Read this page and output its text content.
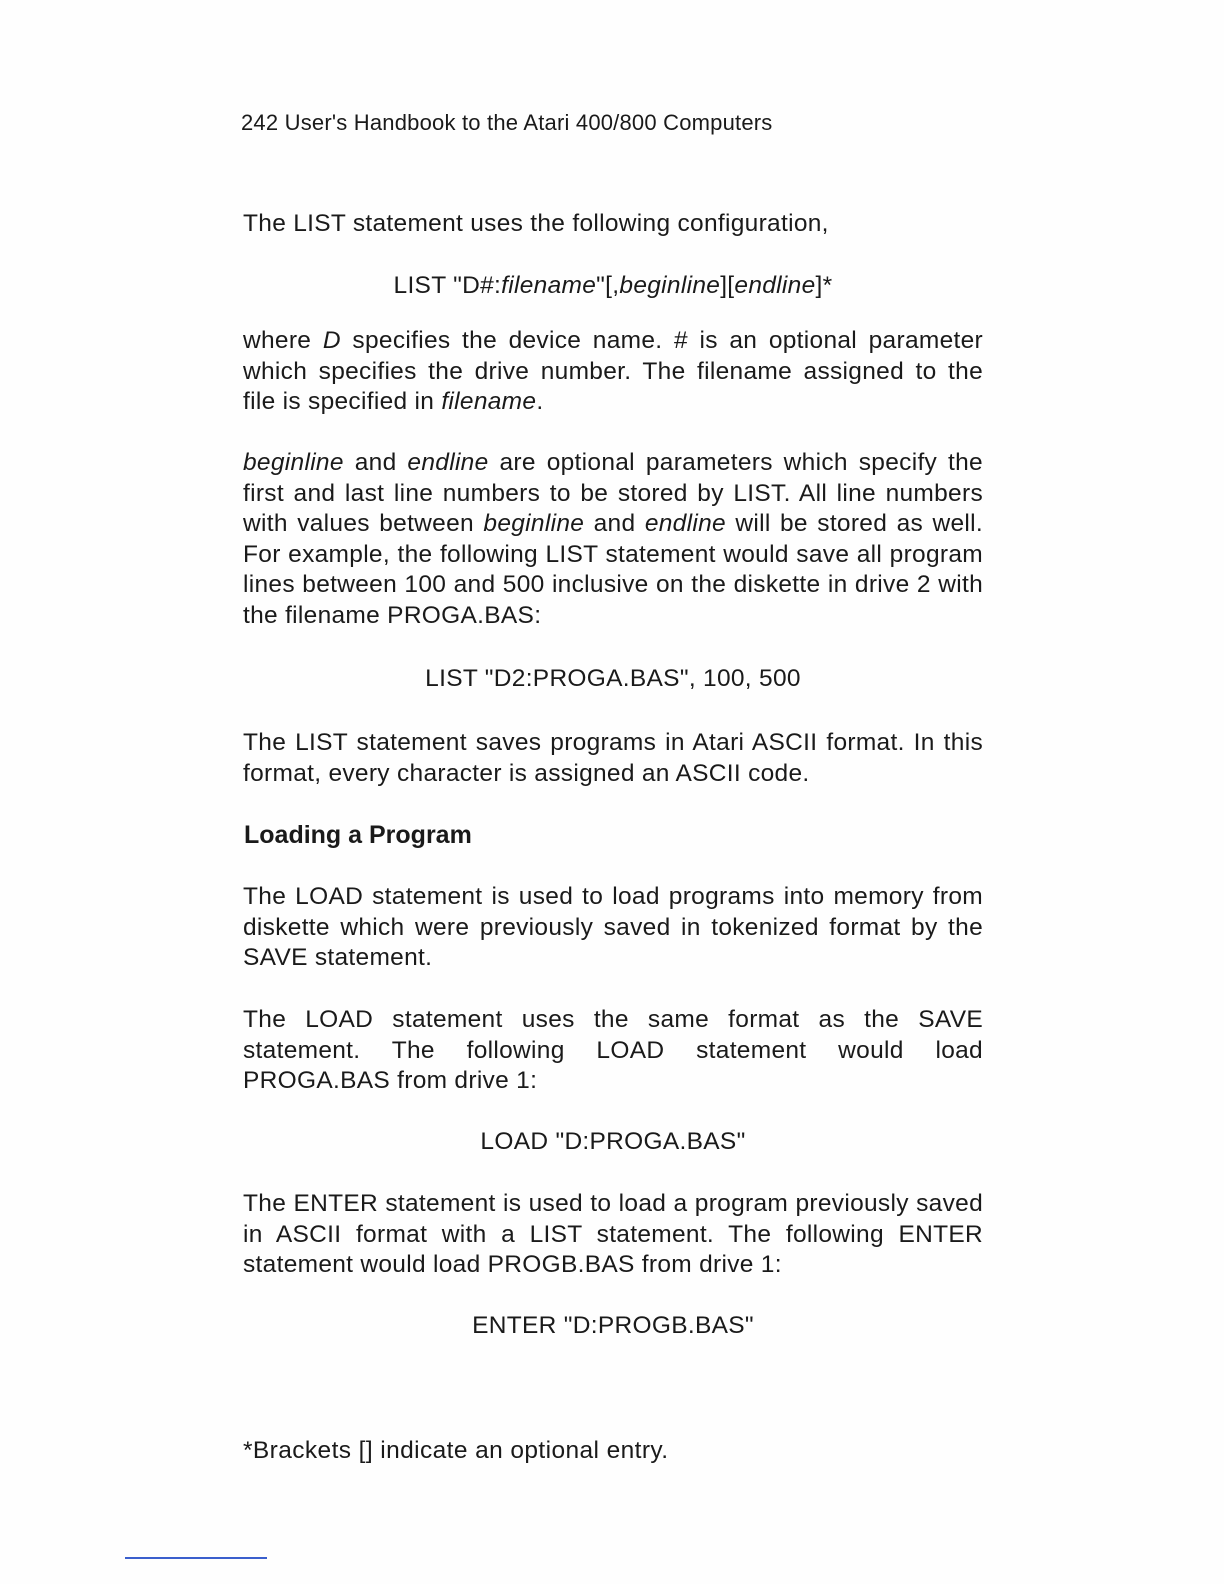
242 User's Handbook to the Atari 400/800 Computers
The LIST statement uses the following configuration,
LIST "D#:filename"[,beginline][endline]*
where D specifies the device name. # is an optional parameter which specifies the drive number. The filename assigned to the file is specified in filename.
beginline and endline are optional parameters which specify the first and last line numbers to be stored by LIST. All line numbers with values between beginline and endline will be stored as well. For example, the following LIST statement would save all program lines between 100 and 500 inclusive on the diskette in drive 2 with the filename PROGA.BAS:
LIST "D2:PROGA.BAS", 100, 500
The LIST statement saves programs in Atari ASCII format. In this format, every character is assigned an ASCII code.
Loading a Program
The LOAD statement is used to load programs into memory from diskette which were previously saved in tokenized format by the SAVE statement.
The LOAD statement uses the same format as the SAVE statement. The following LOAD statement would load PROGA.BAS from drive 1:
LOAD "D:PROGA.BAS"
The ENTER statement is used to load a program previously saved in ASCII format with a LIST statement. The following ENTER statement would load PROGB.BAS from drive 1:
ENTER "D:PROGB.BAS"
*Brackets [] indicate an optional entry.
